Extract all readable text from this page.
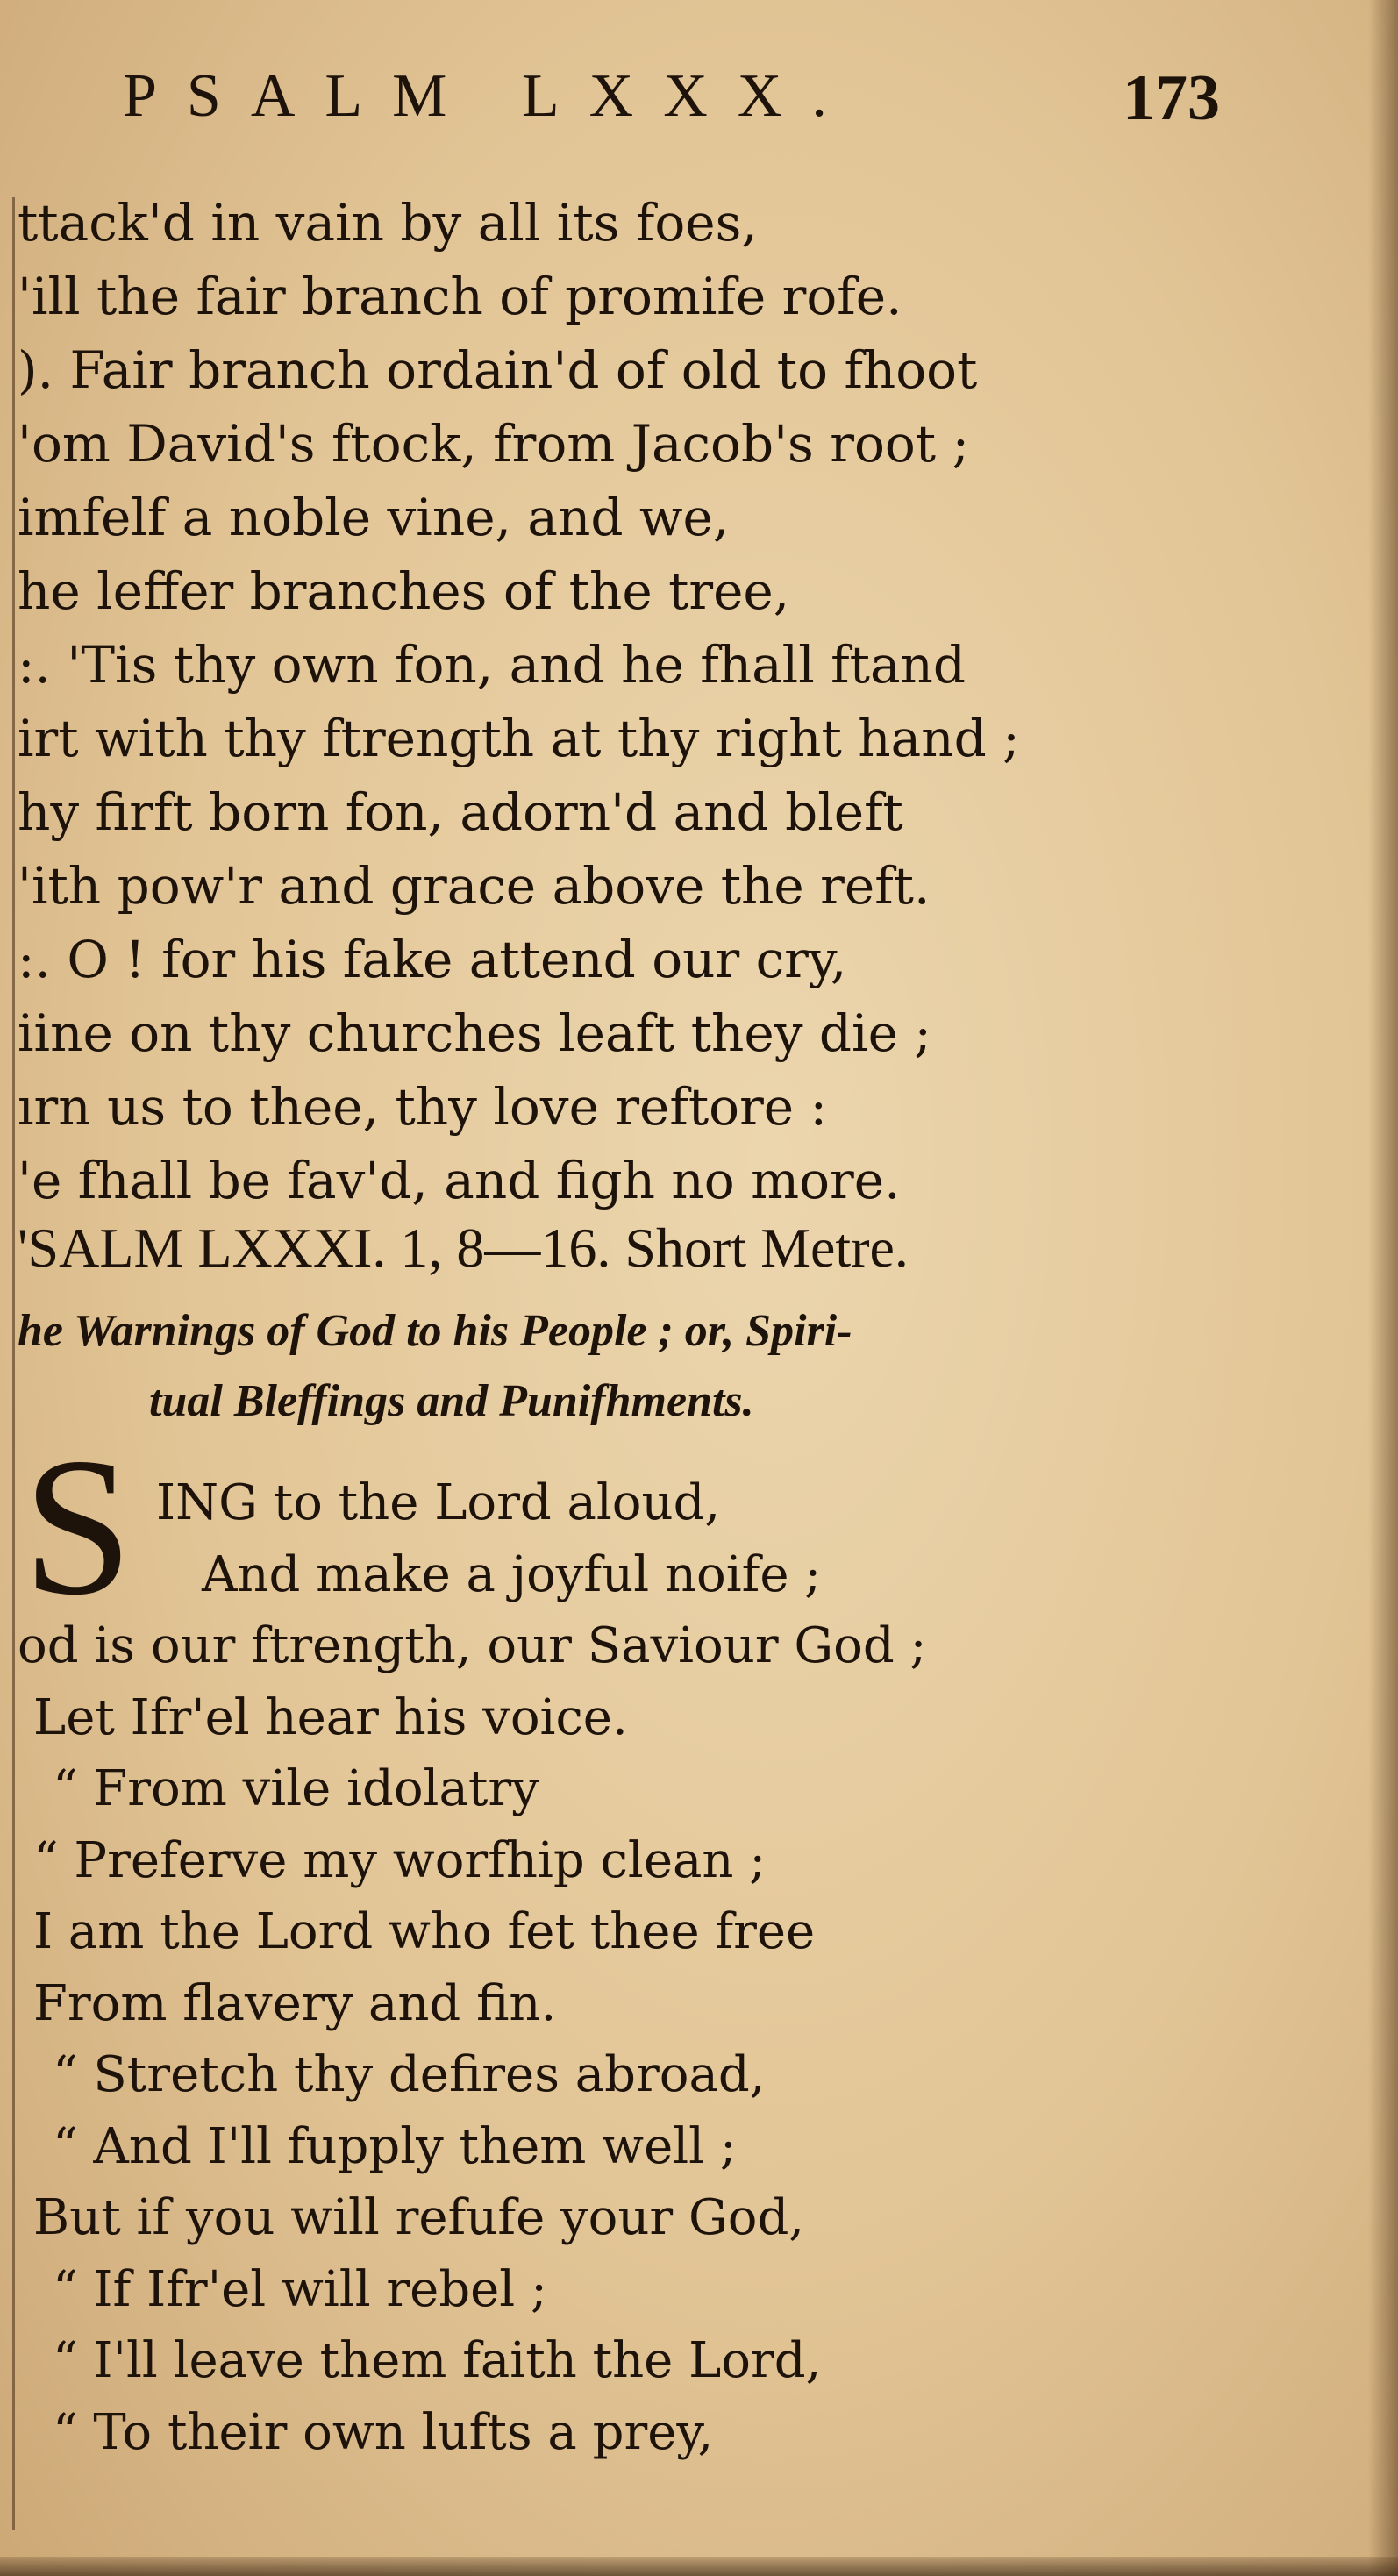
PSALM LXXX.	173
ttack'd in vain by all its foes,
'ill the fair branch of promife rofe.
). Fair branch ordain'd of old to fhoot
'om David's ftock, from Jacob's root ;
imfelf a noble vine, and we,
he leffer branches of the tree,
:. 'Tis thy own fon, and he fhall ftand
irt with thy ftrength at thy right hand ;
hy firft born fon, adorn'd and bleft
'ith pow'r and grace above the reft.
:. O ! for his fake attend our cry,
iine on thy churches leaft they die ;
ırn us to thee, thy love reftore :
'e fhall be fav'd, and figh no more.
'SALM LXXXI. 1, 8—16. Short Metre.
he Warnings of God to his People ; or, Spiri-
tual Bleffings and Punifhments.
S ING to the Lord aloud,
And make a joyful noife ;
od is our ftrength, our Saviour God ;
Let Ifr'el hear his voice.
“ From vile idolatry
“ Preferve my worfhip clean ;
I am the Lord who fet thee free
From flavery and fin.
“ Stretch thy defires abroad,
“ And I'll fupply them well ;
But if you will refufe your God,
“ If Ifr'el will rebel ;
“ I'll leave them faith the Lord,
“ To their own lufts a prey,
